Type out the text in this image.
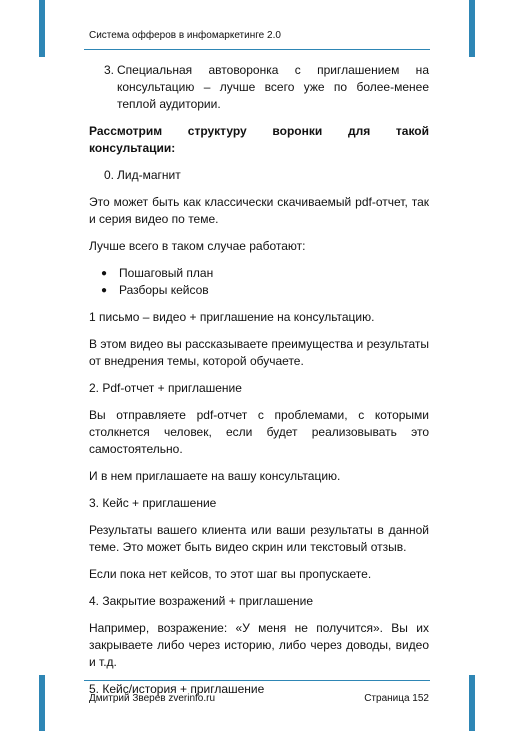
Система офферов в инфомаркетинге 2.0
3. Специальная автоворонка с приглашением на консультацию – лучше всего уже по более-менее теплой аудитории.

Рассмотрим структуру воронки для такой консультации:

0. Лид-магнит

Это может быть как классически скачиваемый pdf-отчет, так и серия видео по теме.

Лучше всего в таком случае работают:

● Пошаговый план
● Разборы кейсов

1 письмо – видео + приглашение на консультацию.

В этом видео вы рассказываете преимущества и результаты от внедрения темы, которой обучаете.

2. Pdf-отчет + приглашение

Вы отправляете pdf-отчет с проблемами, с которыми столкнется человек, если будет реализовывать это самостоятельно.

И в нем приглашаете на вашу консультацию.

3. Кейс + приглашение

Результаты вашего клиента или ваши результаты в данной теме. Это может быть видео скрин или текстовый отзыв.

Если пока нет кейсов, то этот шаг вы пропускаете.

4. Закрытие возражений + приглашение

Например, возражение: «У меня не получится». Вы их закрываете либо через историю, либо через доводы, видео и т.д.

5. Кейс/история + приглашение

Дмитрий Зверев zverinfo.ru	Страница 152
